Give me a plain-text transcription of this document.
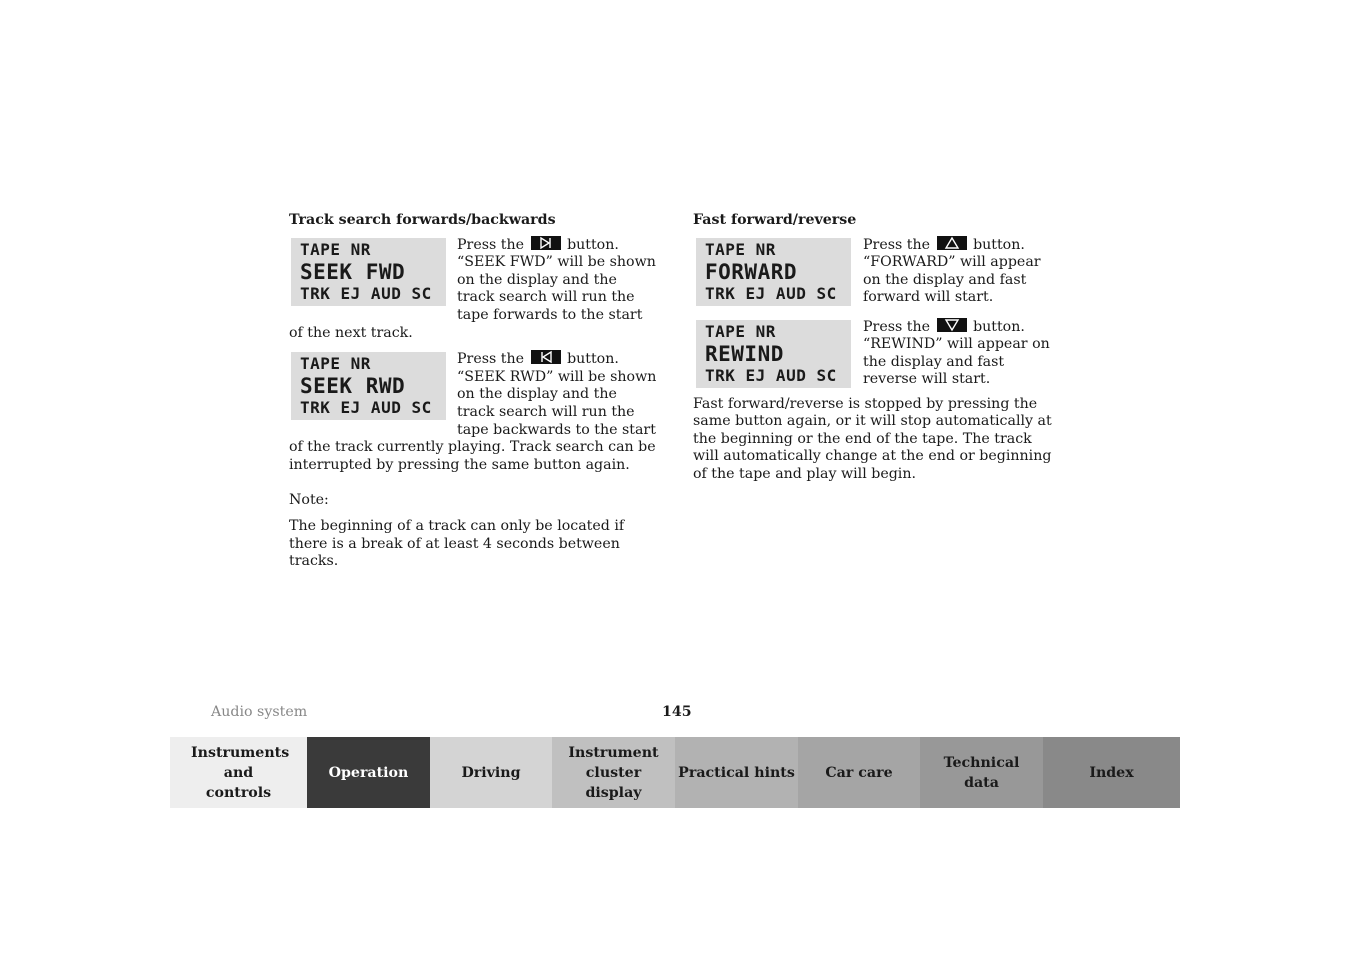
Track search forwards/backwards
TAPE NR
SEEK FWD
TRK EJ AUD SC

Press the	button. “SEEK FWD” will be shown on the display and the track search will run the tape forwards to the start of the next track.

TAPE NR
SEEK RWD
TRK EJ AUD SC

Press the	button. “SEEK RWD” will be shown on the display and the track search will run the tape backwards to the start of the track currently playing. Track search can be interrupted by pressing the same button again.

Note:
The beginning of a track can only be located if there is a break of at least 4 seconds between tracks.
Fast forward/reverse
TAPE NR
FORWARD
TRK EJ AUD SC

Press the	button. “FORWARD” will appear on the display and fast forward will start.

TAPE NR
REWIND
TRK EJ AUD SC

Press the	button. “REWIND” will appear on the display and fast reverse will start.

Fast forward/reverse is stopped by pressing the same button again, or it will stop automatically at the beginning or the end of the tape. The track will automatically change at the end or beginning of the tape and play will begin.

Audio system	145
Instruments and controls
Operation	Driving
Instrument cluster display
Practical hints Car care
Technical data
Index
